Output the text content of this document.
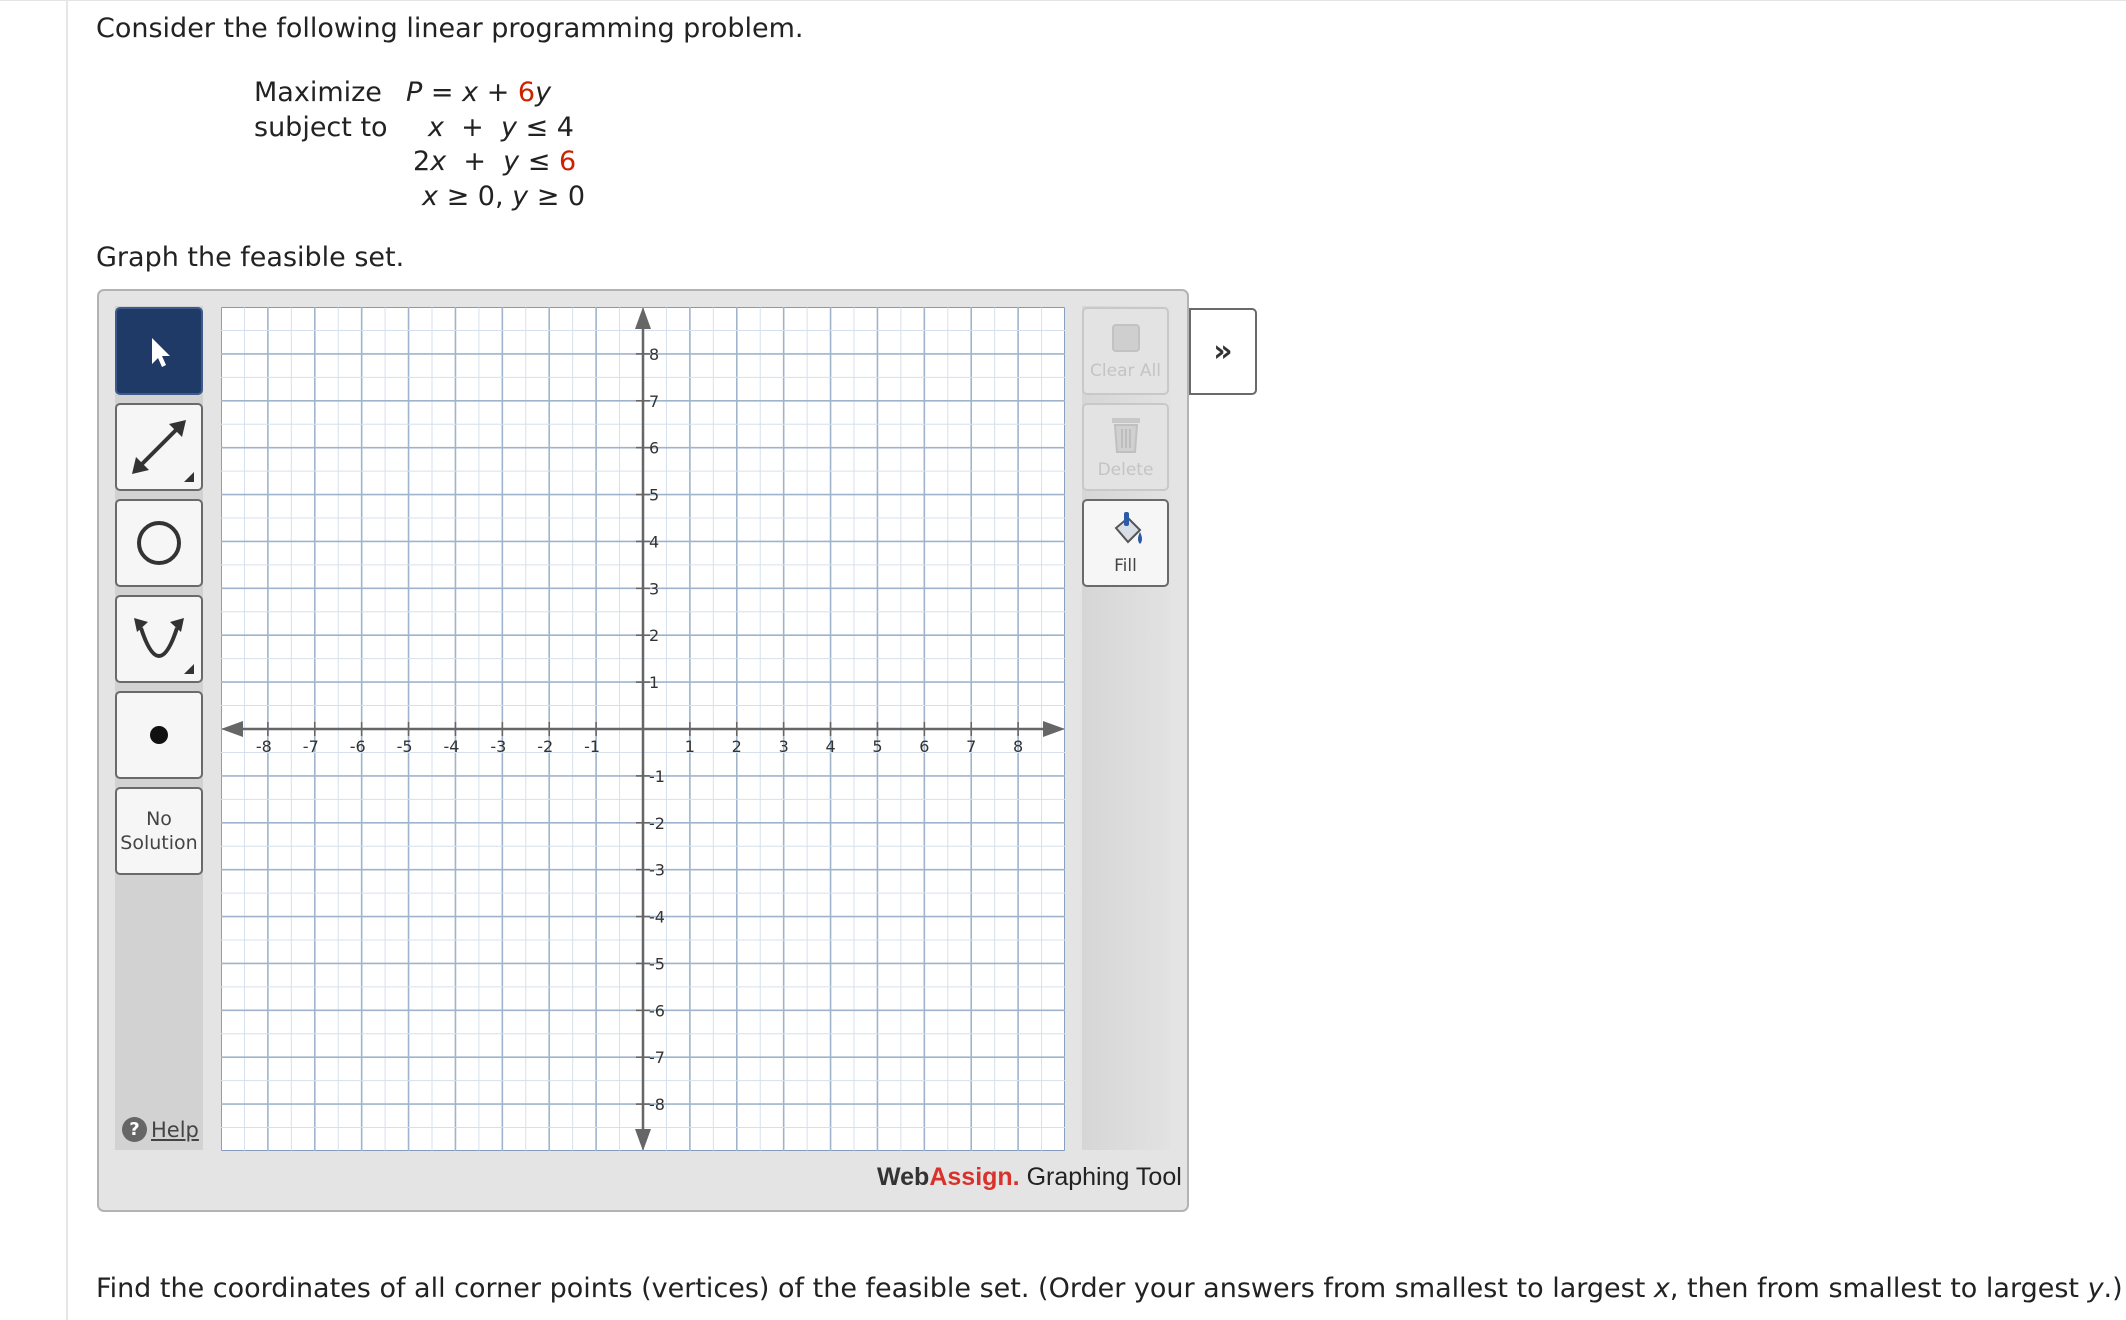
Consider the following linear programming problem.
Maximize P = x + 6y
subject to x + y ≤ 4
2x + y ≤ 6
x ≥ 0, y ≥ 0
Graph the feasible set.
No
Solution
? Help
Clear All
Delete
Fill
»
WebAssign. Graphing Tool
-8 -7 -6 -5 -4 -3 -2 -1	1 2 3 4 5 6 7 8
8
7
6
5
4
3
2
1
-1
-2
-3
-4
-5
-6
-7
-8
Find the coordinates of all corner points (vertices) of the feasible set. (Order your answers from smallest to largest x, then from smallest to largest y.)
